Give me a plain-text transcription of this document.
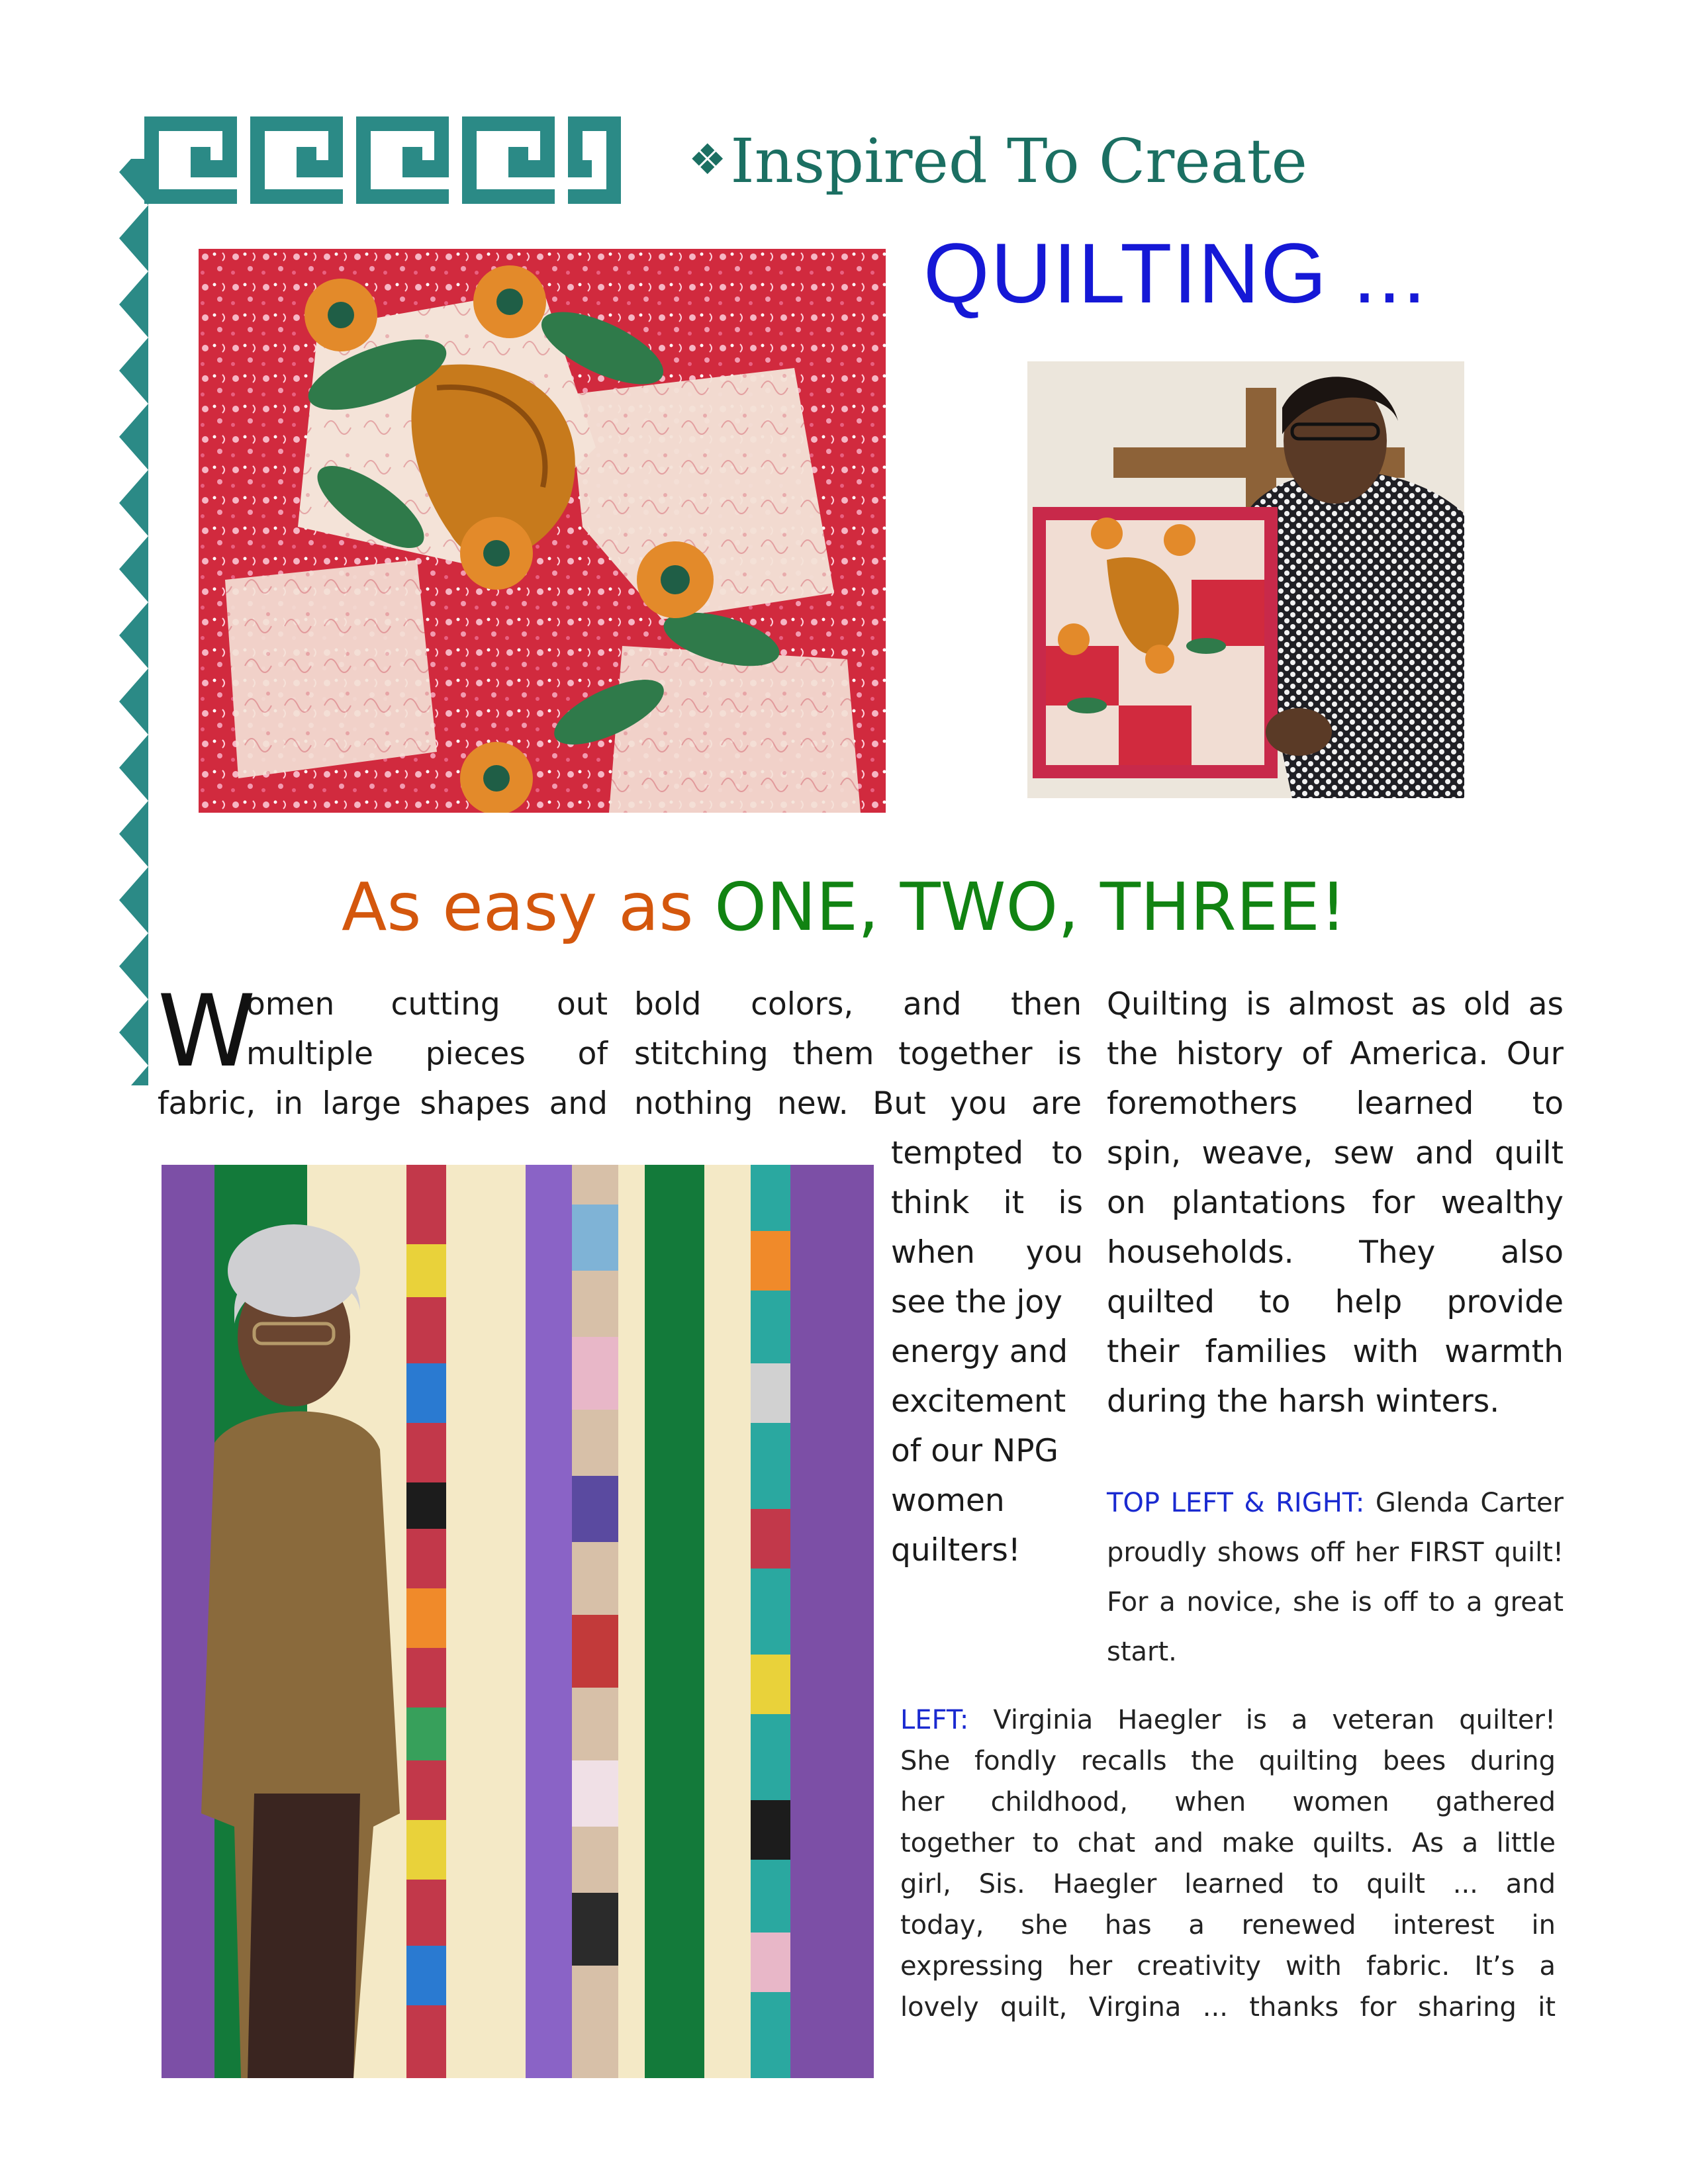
❖Inspired To Create
QUILTING ...
As easy as ONE, TWO, THREE!
W
omen cutting out
multiple pieces of
fabric, in large shapes and
bold colors, and then
stitching them together is
nothing new. But you are
tempted to
think it is
when you
see the joy
energy and
excitement
of our NPG
women
quilters!
Quilting is almost as old as
the history of America. Our
foremothers learned to
spin, weave, sew and quilt
on plantations for wealthy
households. They also
quilted to help provide
their families with warmth
during the harsh winters.
TOP LEFT & RIGHT: Glenda Carter
proudly shows off her FIRST quilt!
For a novice, she is off to a great
start.
LEFT: Virginia Haegler is a veteran quilter!
She fondly recalls the quilting bees during
her childhood, when women gathered
together to chat and make quilts. As a little
girl, Sis. Haegler learned to quilt ... and
today, she has a renewed interest in
expressing her creativity with fabric. It’s a
lovely quilt, Virgina ... thanks for sharing it
